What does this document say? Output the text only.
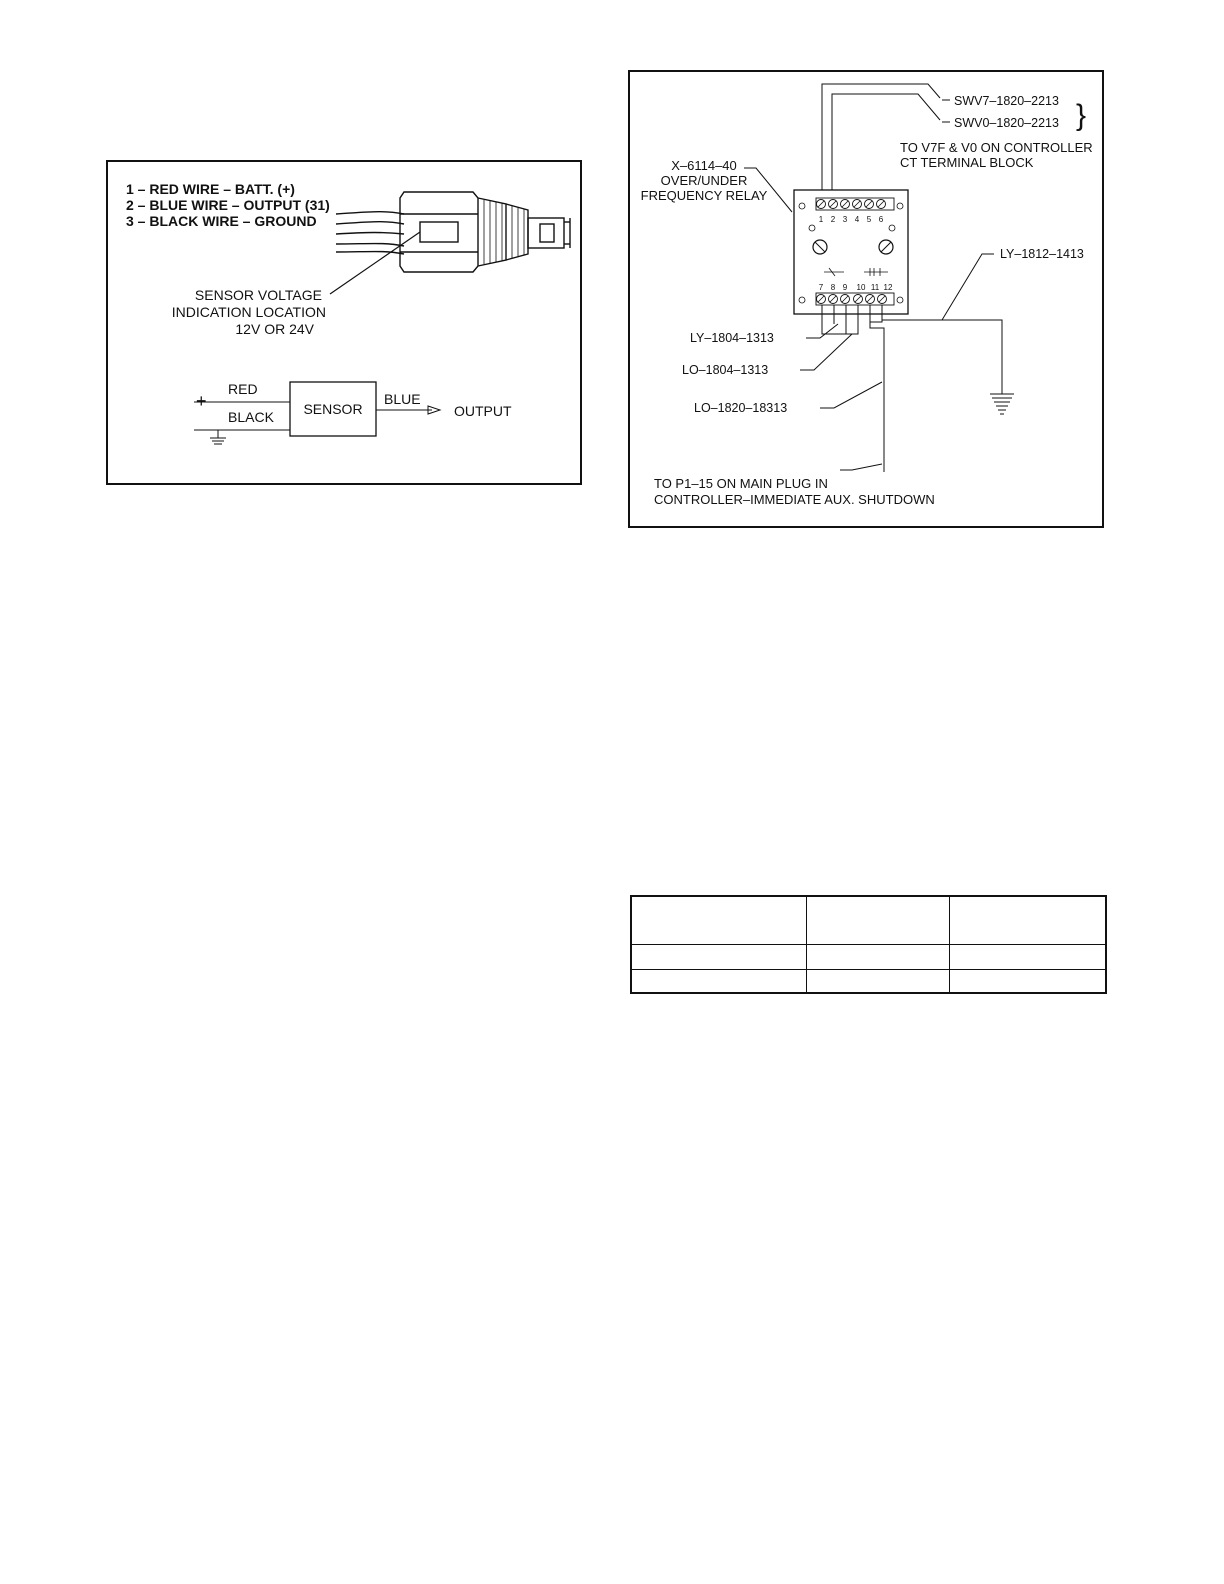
1 – RED WIRE – BATT. (+)
2 – BLUE WIRE – OUTPUT (31)
3 – BLACK WIRE – GROUND
SENSOR VOLTAGE
INDICATION LOCATION
12V OR 24V
+
RED
BLACK SENSOR
BLUE
OUTPUT
SWV7–1820–2213
SWV0–1820–2213 }
TO V7F & V0 ON CONTROLLER
CT TERMINAL BLOCK
X–6114–40
OVER/UNDER
FREQUENCY RELAY
1 2 3 4 5 6
7 8 9 10 11 12
LY–1812–1413
LY–1804–1313
LO–1804–1313
LO–1820–18313
TO P1–15 ON MAIN PLUG IN
CONTROLLER–IMMEDIATE AUX. SHUTDOWN
